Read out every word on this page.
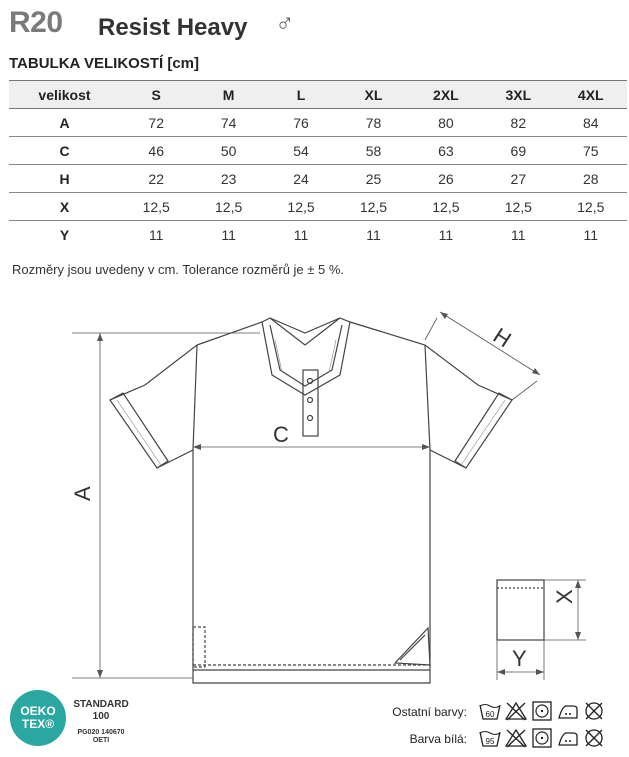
R20 Resist Heavy ♂
TABULKA VELIKOSTÍ [cm]
velikost	S	M	L	XL	2XL	3XL	4XL
A	72	74	76	78	80	82	84
C	46	50	54	58	63	69	75
H	22	23	24	25	26	27	28
X	12,5	12,5	12,5	12,5	12,5	12,5	12,5
Y	11	11	11	11	11	11	11
Rozměry jsou uvedeny v cm. Tolerance rozměrů je ± 5 %.
A
C
H
X
Y
OEKO
TEX®
STANDARD
100
PG020 140670
OETI
Ostatní barvy: 60
Barva bílá: 95
